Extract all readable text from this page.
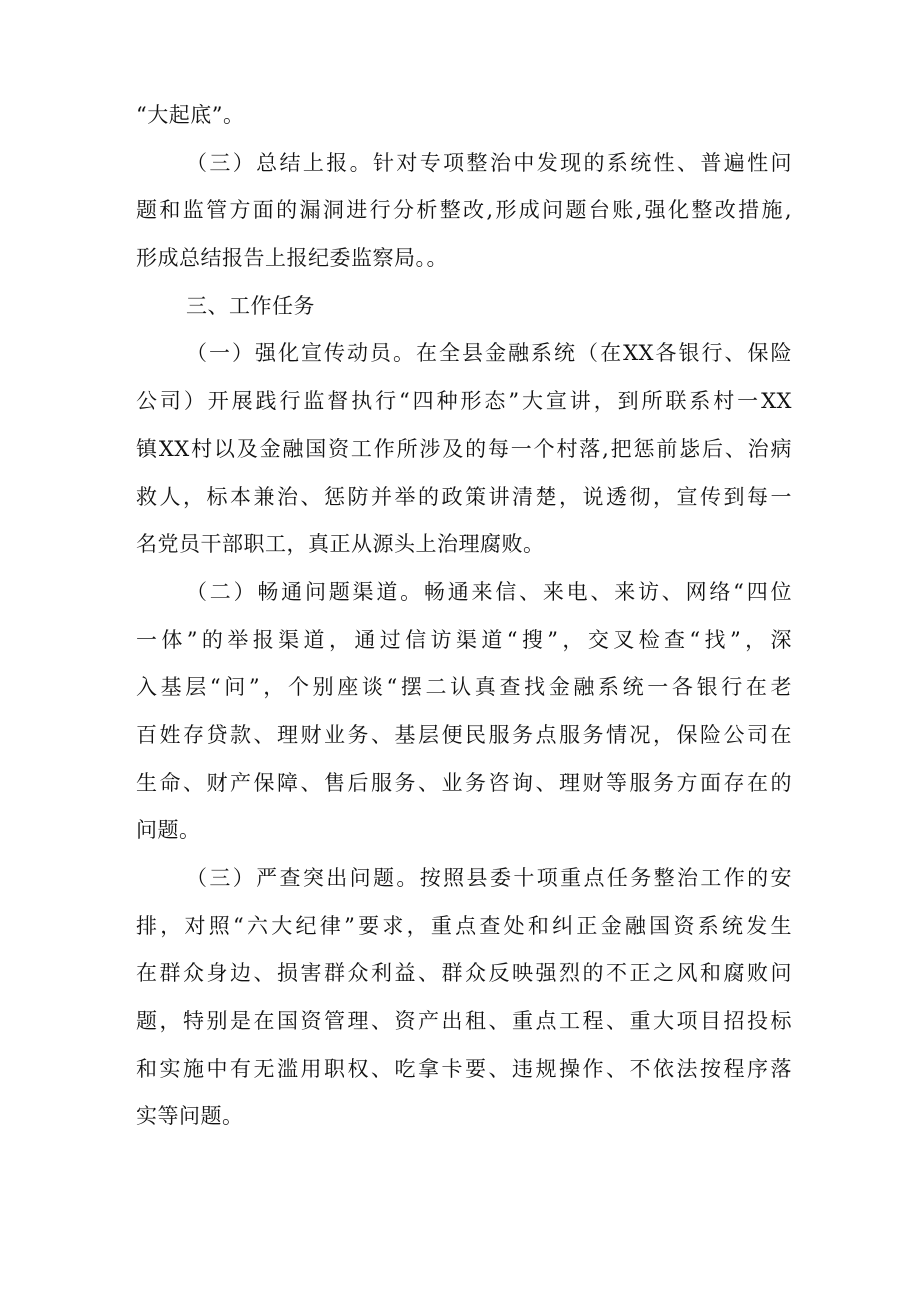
“大起底”。
（三）总结上报。针对专项整治中发现的系统性、普遍性问
题和监管方面的漏洞进行分析整改,形成问题台账,强化整改措施,
形成总结报告上报纪委监察局。。
三、工作任务
（一）强化宣传动员。在全县金融系统（在XX各银行、保险
公司）开展践行监督执行“四种形态”大宣讲，到所联系村一XX
镇XX村以及金融国资工作所涉及的每一个村落,把惩前毖后、治病
救人，标本兼治、惩防并举的政策讲清楚，说透彻，宣传到每一
名党员干部职工，真正从源头上治理腐败。
（二）畅通问题渠道。畅通来信、来电、来访、网络“四位
一体”的举报渠道，通过信访渠道“搜”，交叉检查“找”，深
入基层“问”，个别座谈“摆二认真查找金融系统一各银行在老
百姓存贷款、理财业务、基层便民服务点服务情况，保险公司在
生命、财产保障、售后服务、业务咨询、理财等服务方面存在的
问题。
（三）严查突出问题。按照县委十项重点任务整治工作的安
排，对照“六大纪律”要求，重点查处和纠正金融国资系统发生
在群众身边、损害群众利益、群众反映强烈的不正之风和腐败问
题，特别是在国资管理、资产出租、重点工程、重大项目招投标
和实施中有无滥用职权、吃拿卡要、违规操作、不依法按程序落
实等问题。
